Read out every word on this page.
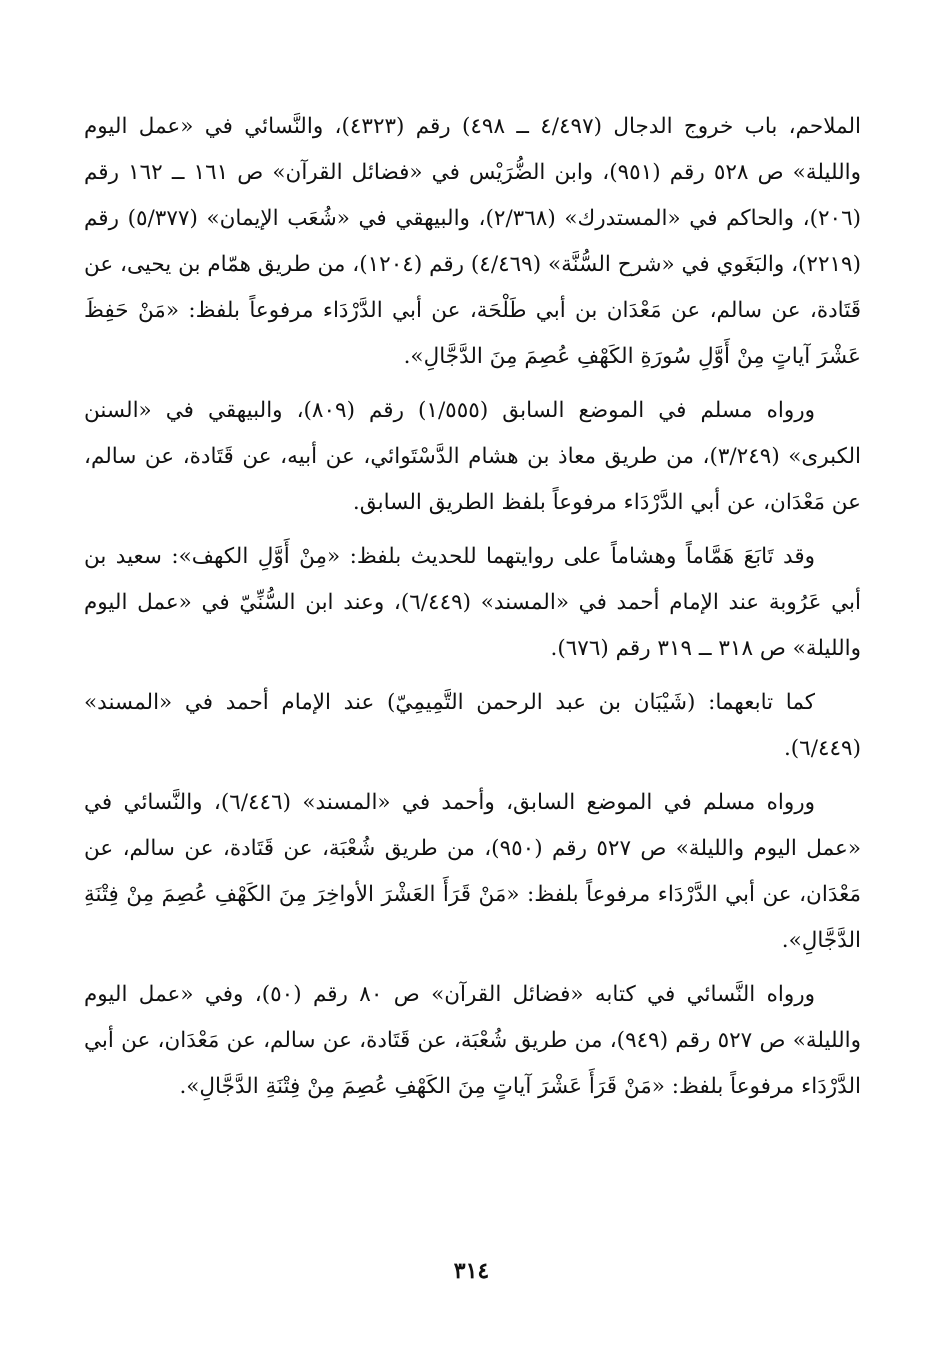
الملاحم، باب خروج الدجال (٤/٤٩٧ ــ ٤٩٨) رقم (٤٣٢٣)، والنَّسائي في «عمل اليوم والليلة» ص ٥٢٨ رقم (٩٥١)، وابن الضُّرَيْس في «فضائل القرآن» ص ١٦١ ــ ١٦٢ رقم (٢٠٦)، والحاكم في «المستدرك» (٢/٣٦٨)، والبيهقي في «شُعَب الإيمان» (٥/٣٧٧) رقم (٢٢١٩)، والبَغَوي في «شرح السُّنَّة» (٤/٤٦٩) رقم (١٢٠٤)، من طريق همّام بن يحيى، عن قَتَادة، عن سالم، عن مَعْدَان بن أبي طَلْحَة، عن أبي الدَّرْدَاء مرفوعاً بلفظ: «مَنْ حَفِظَ عَشْرَ آياتٍ مِنْ أَوَّلِ سُورَةِ الكَهْفِ عُصِمَ مِنَ الدَّجَّالِ».

ورواه مسلم في الموضع السابق (١/٥٥٥) رقم (٨٠٩)، والبيهقي في «السنن الكبرى» (٣/٢٤٩)، من طريق معاذ بن هشام الدَّسْتَوائي، عن أبيه، عن قَتَادة، عن سالم، عن مَعْدَان، عن أبي الدَّرْدَاء مرفوعاً بلفظ الطريق السابق.

وقد تَابَعَ هَمَّاماً وهشاماً على روايتهما للحديث بلفظ: «مِنْ أَوَّلِ الكهف»: سعيد بن أبي عَرُوبة عند الإمام أحمد في «المسند» (٦/٤٤٩)، وعند ابن السُّنِّيّ في «عمل اليوم والليلة» ص ٣١٨ ــ ٣١٩ رقم (٦٧٦).

كما تابعهما: (شَيْبَان بن عبد الرحمن التَّمِيمِيّ) عند الإمام أحمد في «المسند» (٦/٤٤٩).

ورواه مسلم في الموضع السابق، وأحمد في «المسند» (٦/٤٤٦)، والنَّسائي في «عمل اليوم والليلة» ص ٥٢٧ رقم (٩٥٠)، من طريق شُعْبَة، عن قَتَادة، عن سالم، عن مَعْدَان، عن أبي الدَّرْدَاء مرفوعاً بلفظ: «مَنْ قَرَأَ العَشْرَ الأواخِرَ مِنَ الكَهْفِ عُصِمَ مِنْ فِتْنَةِ الدَّجَّالِ».

ورواه النَّسائي في كتابه «فضائل القرآن» ص ٨٠ رقم (٥٠)، وفي «عمل اليوم والليلة» ص ٥٢٧ رقم (٩٤٩)، من طريق شُعْبَة، عن قَتَادة، عن سالم، عن مَعْدَان، عن أبي الدَّرْدَاء مرفوعاً بلفظ: «مَنْ قَرَأَ عَشْرَ آياتٍ مِنَ الكَهْفِ عُصِمَ مِنْ فِتْنَةِ الدَّجَّالِ».

٣١٤
